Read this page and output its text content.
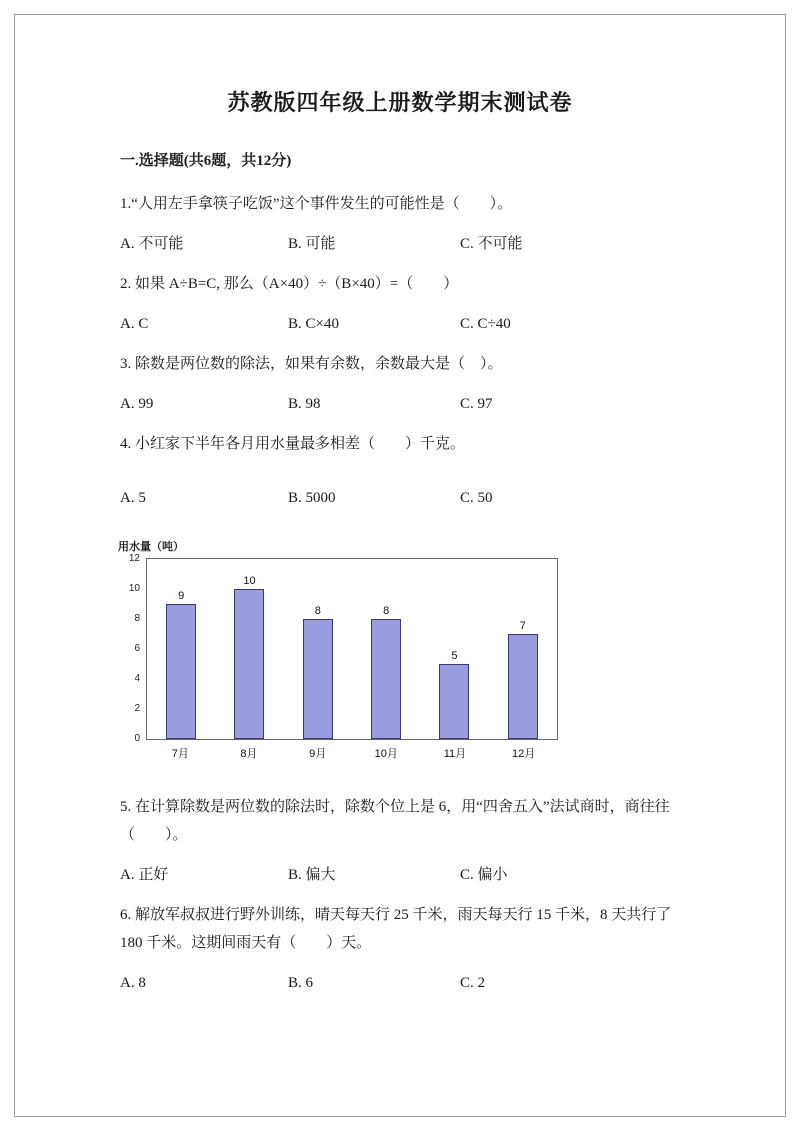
苏教版四年级上册数学期末测试卷
一.选择题(共6题，共12分)
1.“人用左手拿筷子吃饭”这个事件发生的可能性是（　　）。
A. 不可能	B. 可能	C. 不可能
2. 如果 A÷B=C, 那么（A×40）÷（B×40）=（　　）
A. C	B. C×40	C. C÷40
3. 除数是两位数的除法，如果有余数，余数最大是（　）。
A. 99	B. 98	C. 97
4. 小红家下半年各月用水量最多相差（　　）千克。
A. 5	B. 5000	C. 50
用水量（吨）
0
2
4
6
8
10
12
9
10
8	8
5
7
7月	8月	9月	10月	11月	12月
5. 在计算除数是两位数的除法时，除数个位上是 6，用“四舍五入”法试商时，商往往（　　）。
A. 正好	B. 偏大	C. 偏小
6. 解放军叔叔进行野外训练，晴天每天行 25 千米，雨天每天行 15 千米，8 天共行了 180 千米。这期间雨天有（　　）天。
A. 8	B. 6	C. 2
